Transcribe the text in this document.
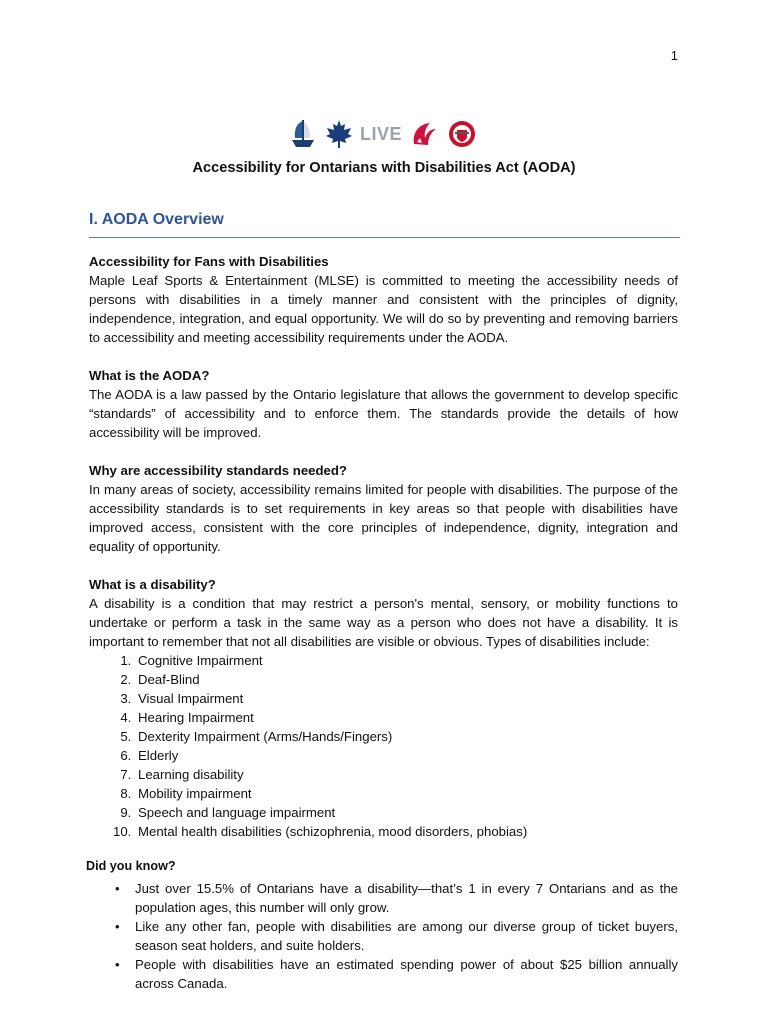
1
LIVE
Accessibility for Ontarians with Disabilities Act (AODA)
I. AODA Overview
Accessibility for Fans with Disabilities

Maple Leaf Sports & Entertainment (MLSE) is committed to meeting the accessibility needs of persons with disabilities in a timely manner and consistent with the principles of dignity, independence, integration, and equal opportunity. We will do so by preventing and removing barriers to accessibility and meeting accessibility requirements under the AODA.

What is the AODA?

The AODA is a law passed by the Ontario legislature that allows the government to develop specific “standards” of accessibility and to enforce them. The standards provide the details of how accessibility will be improved.

Why are accessibility standards needed?

In many areas of society, accessibility remains limited for people with disabilities. The purpose of the accessibility standards is to set requirements in key areas so that people with disabilities have improved access, consistent with the core principles of independence, dignity, integration and equality of opportunity.

What is a disability?

A disability is a condition that may restrict a person's mental, sensory, or mobility functions to undertake or perform a task in the same way as a person who does not have a disability. It is important to remember that not all disabilities are visible or obvious. Types of disabilities include:

1. Cognitive Impairment
2. Deaf-Blind
3. Visual Impairment
4. Hearing Impairment
5. Dexterity Impairment (Arms/Hands/Fingers)
6. Elderly
7. Learning disability
8. Mobility impairment
9. Speech and language impairment
10. Mental health disabilities (schizophrenia, mood disorders, phobias)
Did you know?
• Just over 15.5% of Ontarians have a disability—that’s 1 in every 7 Ontarians and as the population ages, this number will only grow.
• Like any other fan, people with disabilities are among our diverse group of ticket buyers, season seat holders, and suite holders.
• People with disabilities have an estimated spending power of about $25 billion annually across Canada.
